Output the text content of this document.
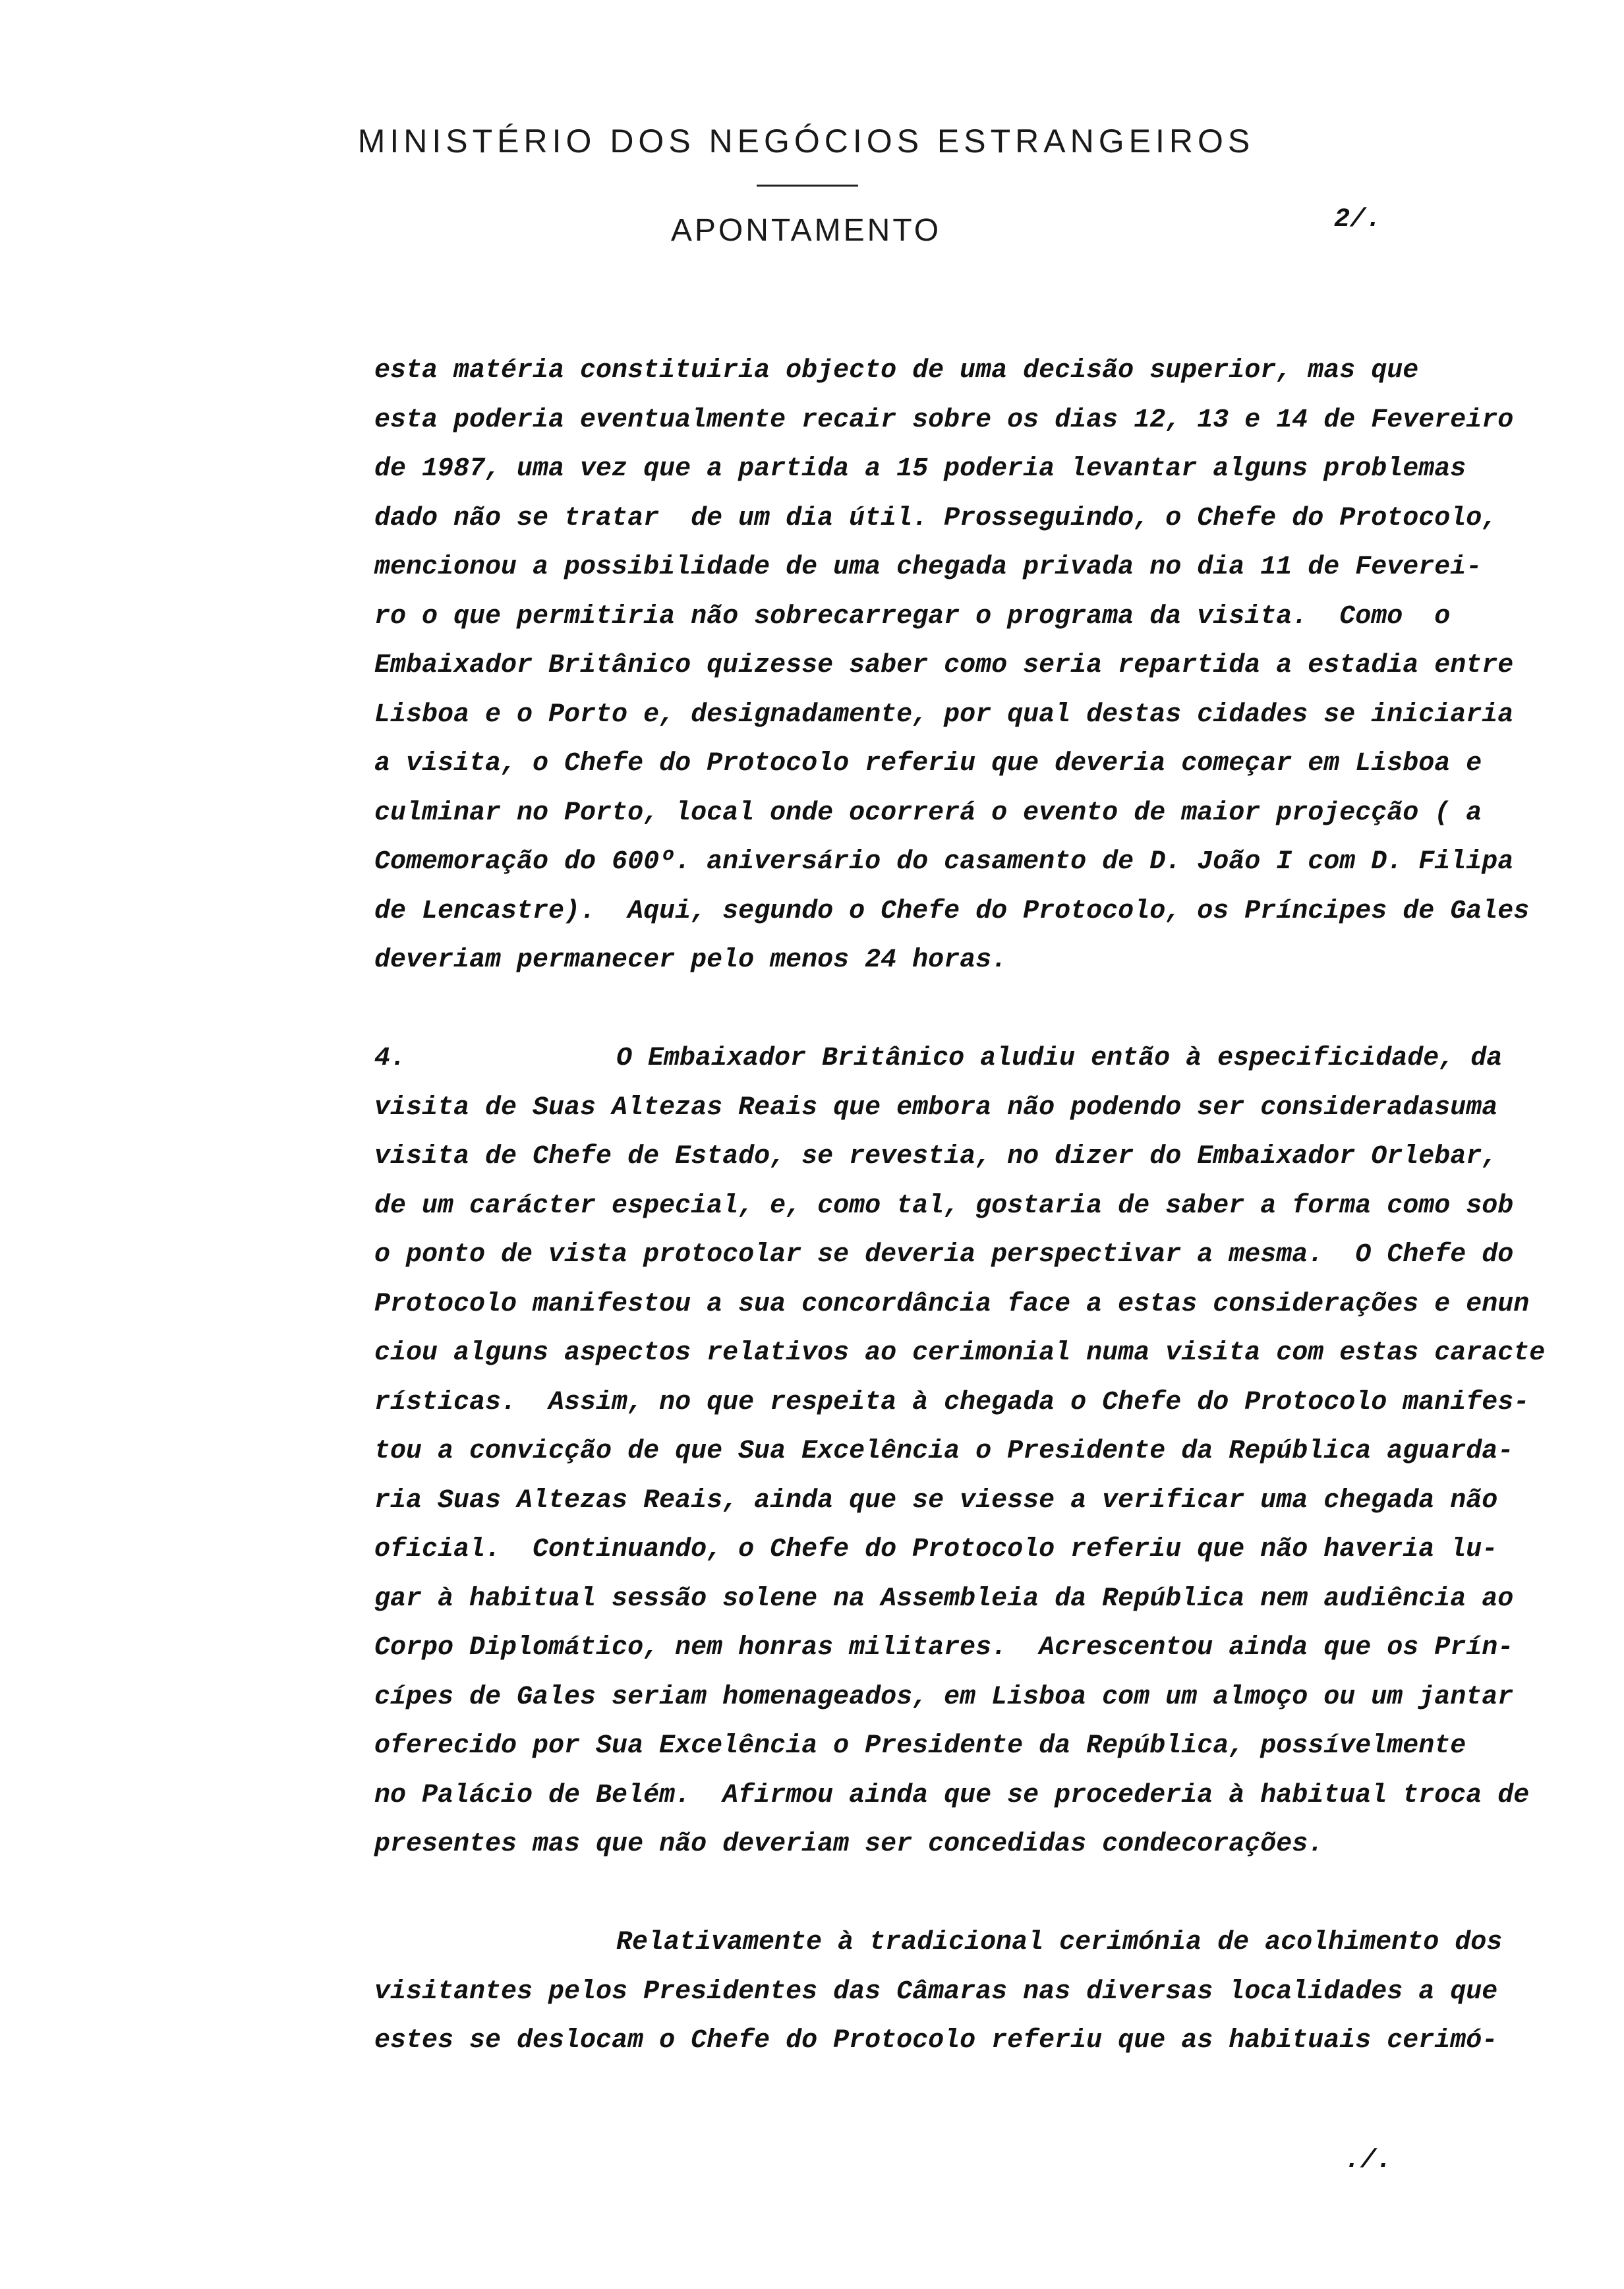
MINISTÉRIO DOS NEGÓCIOS ESTRANGEIROS
APONTAMENTO	2/.
esta matéria constituiria objecto de uma decisão superior, mas que
esta poderia eventualmente recair sobre os dias 12, 13 e 14 de Fevereiro
de 1987, uma vez que a partida a 15 poderia levantar alguns problemas
dado não se tratar  de um dia útil. Prosseguindo, o Chefe do Protocolo,
mencionou a possibilidade de uma chegada privada no dia 11 de Feverei-
ro o que permitiria não sobrecarregar o programa da visita.  Como  o
Embaixador Britânico quizesse saber como seria repartida a estadia entre
Lisboa e o Porto e, designadamente, por qual destas cidades se iniciaria
a visita, o Chefe do Protocolo referiu que deveria começar em Lisboa e
culminar no Porto, local onde ocorrerá o evento de maior projecção ( a
Comemoração do 600º. aniversário do casamento de D. João I com D. Filipa
de Lencastre).  Aqui, segundo o Chefe do Protocolo, os Príncipes de Gales
deveriam permanecer pelo menos 24 horas.
4.	O Embaixador Britânico aludiu então à especificidade, da
visita de Suas Altezas Reais que embora não podendo ser consideradasuma
visita de Chefe de Estado, se revestia, no dizer do Embaixador Orlebar,
de um carácter especial, e, como tal, gostaria de saber a forma como sob
o ponto de vista protocolar se deveria perspectivar a mesma.  O Chefe do
Protocolo manifestou a sua concordância face a estas considerações e enun
ciou alguns aspectos relativos ao cerimonial numa visita com estas caracte
rísticas.  Assim, no que respeita à chegada o Chefe do Protocolo manifes-
tou a convicção de que Sua Excelência o Presidente da República aguarda-
ria Suas Altezas Reais, ainda que se viesse a verificar uma chegada não
oficial.  Continuando, o Chefe do Protocolo referiu que não haveria lu-
gar à habitual sessão solene na Assembleia da República nem audiência ao
Corpo Diplomático, nem honras militares.  Acrescentou ainda que os Prín-
cípes de Gales seriam homenageados, em Lisboa com um almoço ou um jantar
oferecido por Sua Excelência o Presidente da República, possívelmente
no Palácio de Belém.  Afirmou ainda que se procederia à habitual troca de
presentes mas que não deveriam ser concedidas condecorações.
Relativamente à tradicional cerimónia de acolhimento dos
visitantes pelos Presidentes das Câmaras nas diversas localidades a que
estes se deslocam o Chefe do Protocolo referiu que as habituais cerimó-
./.
